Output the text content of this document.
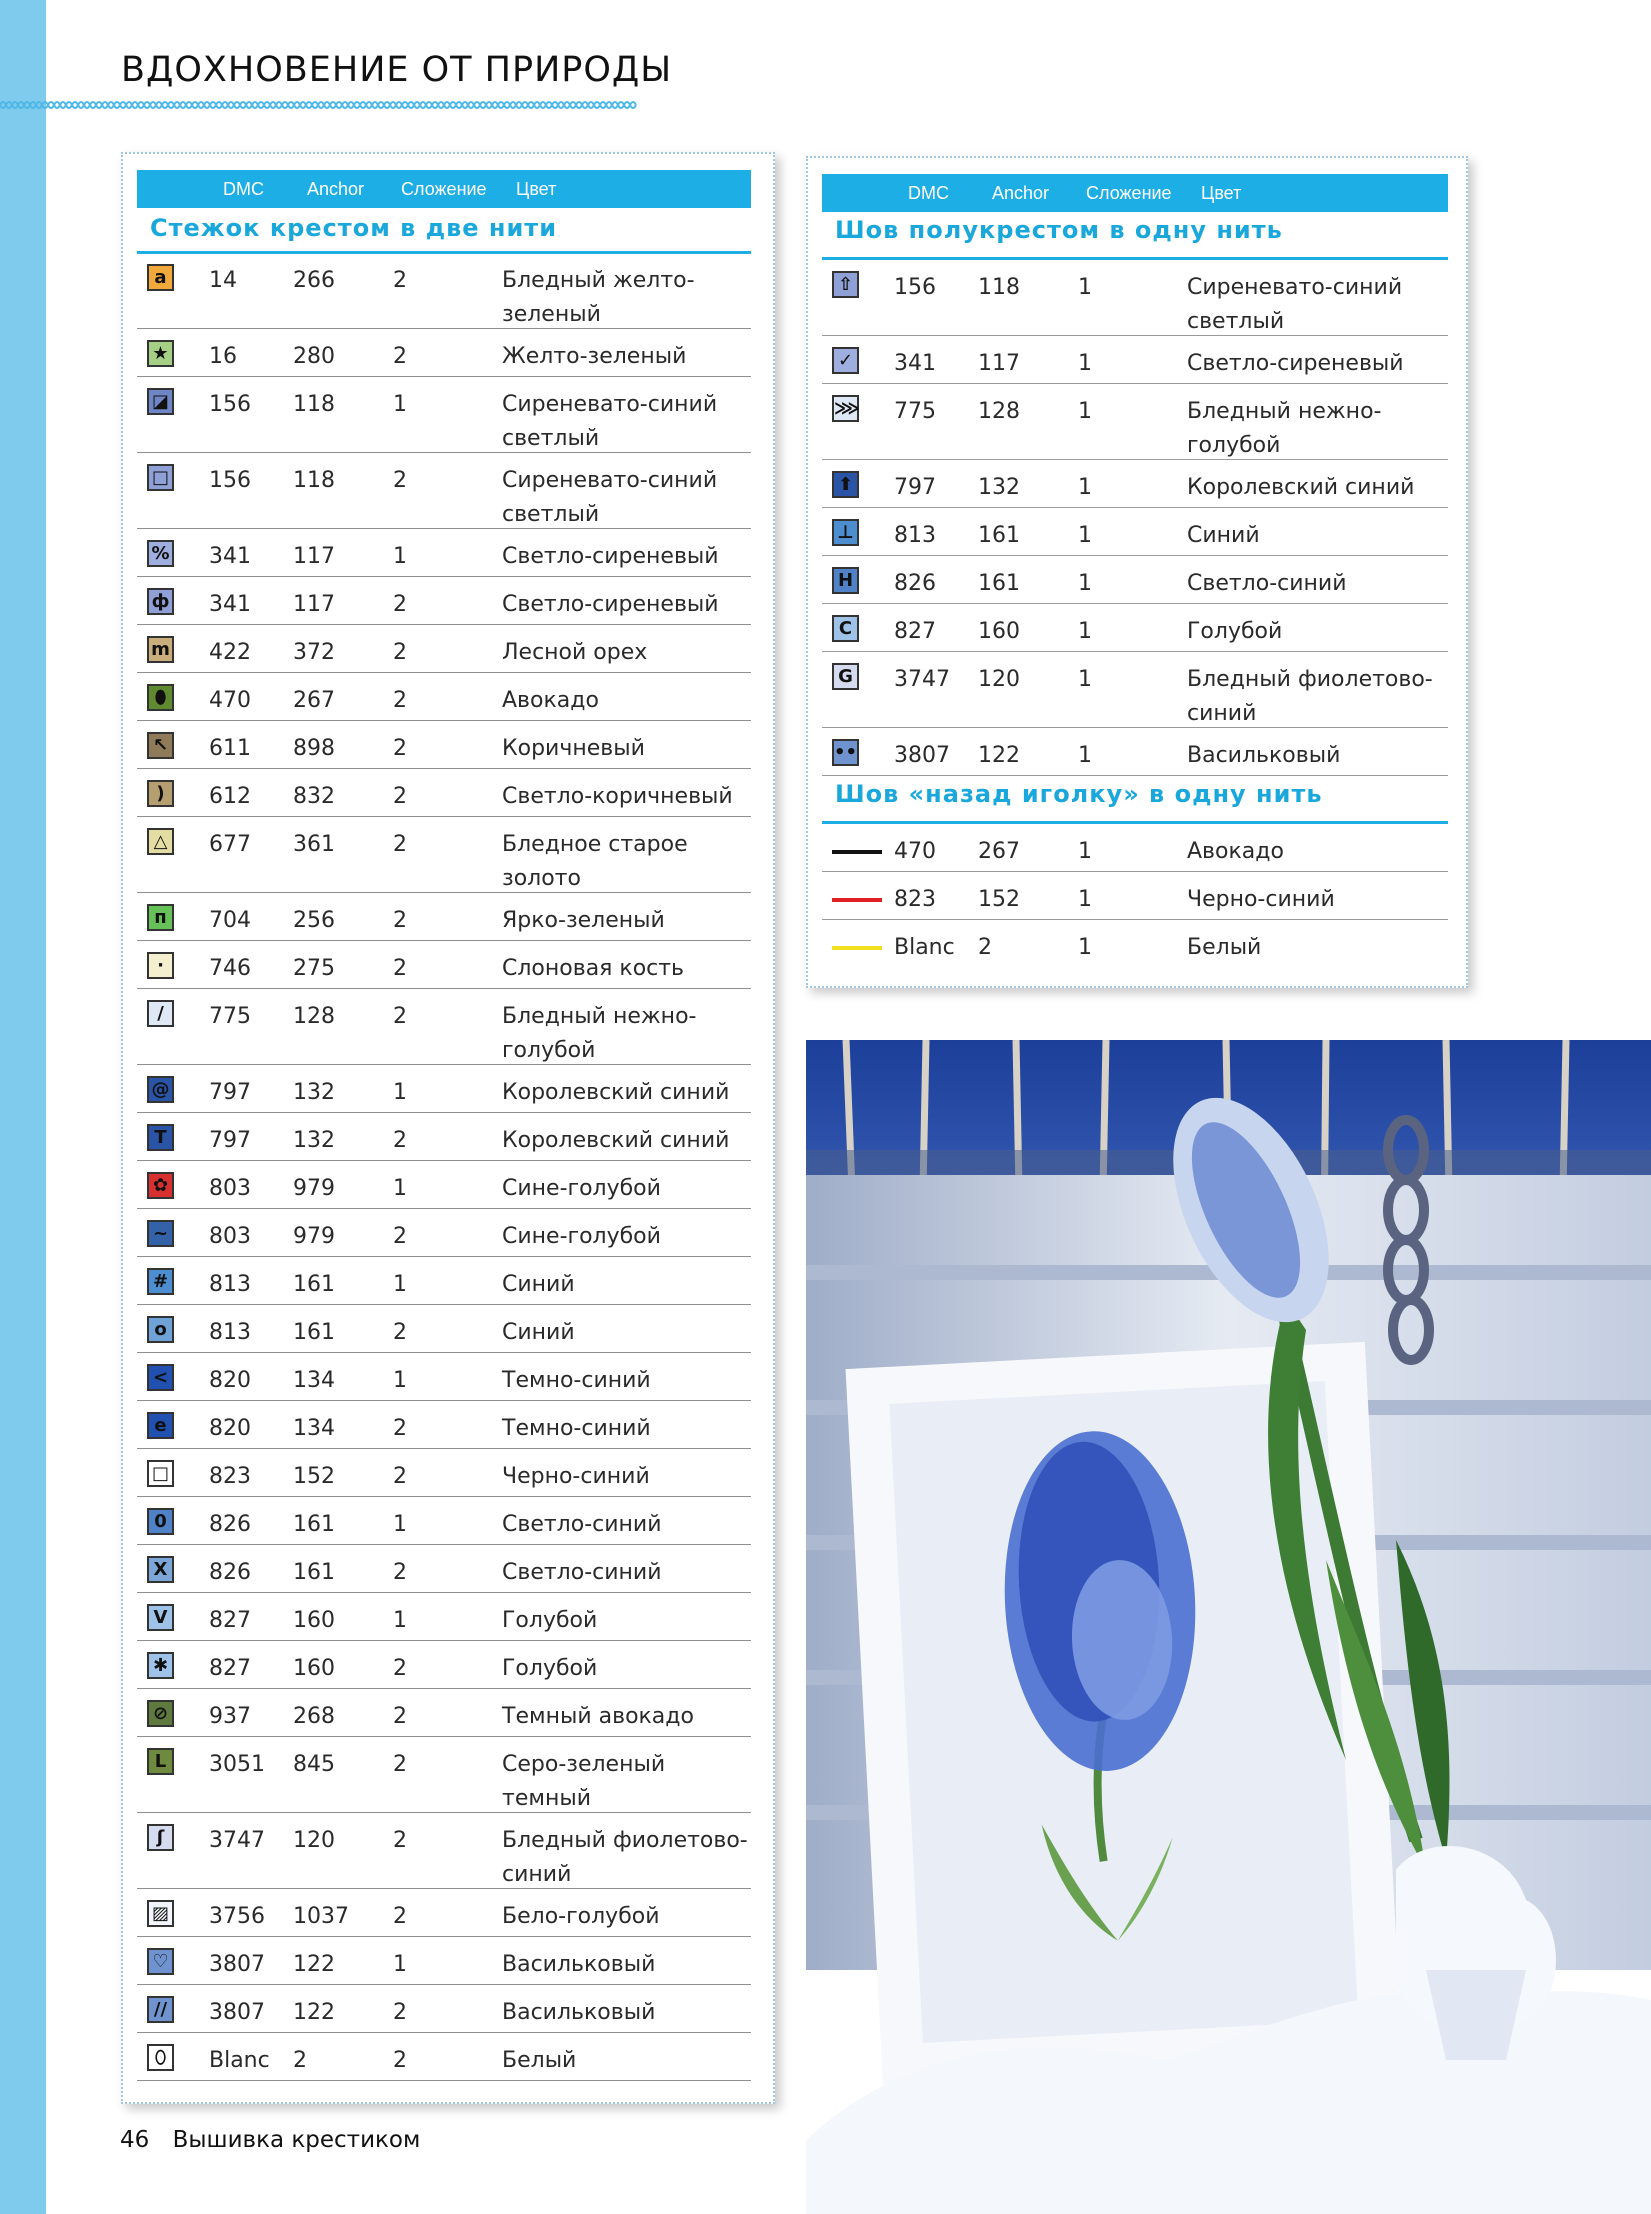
ВДОХНОВЕНИЕ ОТ ПРИРОДЫ
DMC Anchor Сложение Цвет
Стежок крестом в две нити
a	14	266	2	Бледный желто-
зеленый
★ 16	280	2	Желто-зеленый
◪ 156 118	1	Сиреневато-синий
светлый
□ 156 118	2	Сиреневато-синий
светлый
% 341 117	1	Светло-сиреневый
ф 341 117	2	Светло-сиреневый
m 422 372	2	Лесной орех
⬮	470 267	2	Авокадо
↖ 611 898	2	Коричневый
)	612 832	2	Светло-коричневый
△ 677 361	2	Бледное старое
золото
п	704 256	2	Ярко-зеленый
·	746 275	2	Слоновая кость
/	775 128	2	Бледный нежно-
голубой
@ 797 132	1	Королевский синий
T	797 132	2	Королевский синий
✿ 803 979	1	Сине-голубой
~ 803 979	2	Сине-голубой
# 813 161	1	Синий
o	813 161	2	Синий
< 820 134	1	Темно-синий
e	820 134	2	Темно-синий
□ 823 152	2	Черно-синий
0	826 161	1	Светло-синий
X 826 161	2	Светло-синий
V 827 160	1	Голубой
✱ 827 160	2	Голубой
⊘ 937 268	2	Темный авокадо
L	3051 845	2	Серо-зеленый
темный
ʃ	3747 120	2	Бледный фиолетово-
синий
▨ 3756 1037 2	Бело-голубой
♡ 3807 122	1	Васильковый
//	3807 122	2	Васильковый
⬯	Blanc 2	2	Белый
DMC Anchor Сложение Цвет
Шов полукрестом в одну нить
⇧ 156 118	1	Сиреневато-синий
светлый
✓ 341 117	1	Светло-сиреневый
⋙ 775 128	1	Бледный нежно-
голубой
⬆ 797 132	1	Королевский синий
⊥ 813 161	1	Синий
H 826 161	1	Светло-синий
C	827 160	1	Голубой
G 3747 120	1	Бледный фиолетово-
синий
•• 3807 122	1	Васильковый
Шов «назад иголку» в одну нить
470 267	1	Авокадо
823 152	1	Черно-синий
Blanc 2	1	Белый
46 Вышивка крестиком
